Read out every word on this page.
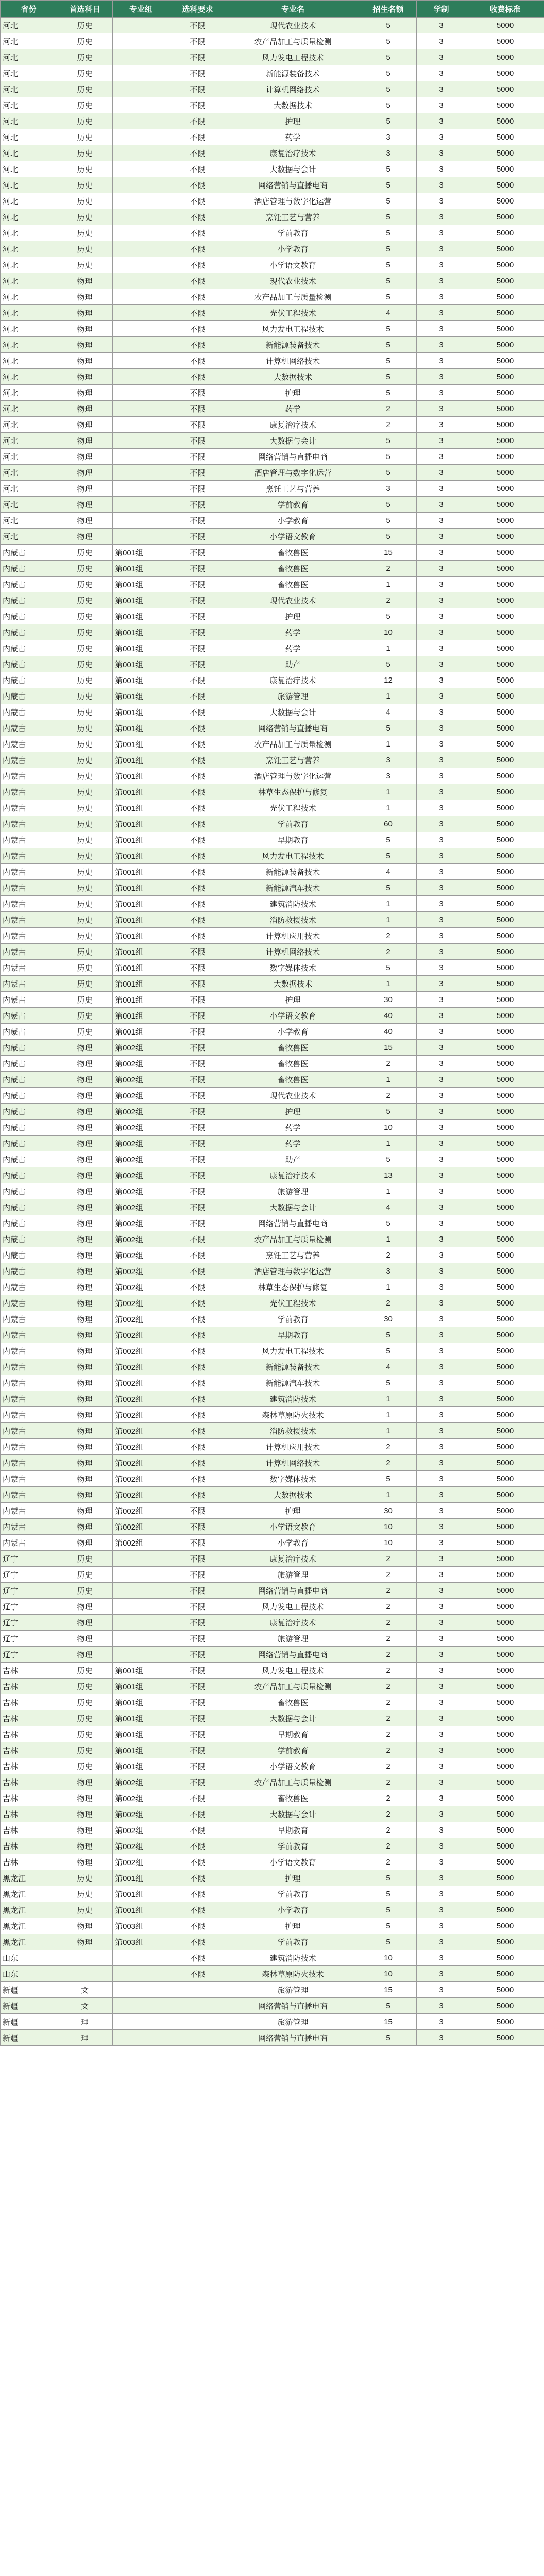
省份	首选科目	专业组	选科要求	专业名	招生名额	学制	收费标准
河北	历史		不限	现代农业技术	5	3	5000
河北	历史		不限	农产品加工与质量检测	5	3	5000
河北	历史		不限	风力发电工程技术	5	3	5000
河北	历史		不限	新能源装备技术	5	3	5000
河北	历史		不限	计算机网络技术	5	3	5000
河北	历史		不限	大数据技术	5	3	5000
河北	历史		不限	护理	5	3	5000
河北	历史		不限	药学	3	3	5000
河北	历史		不限	康复治疗技术	3	3	5000
河北	历史		不限	大数据与会计	5	3	5000
河北	历史		不限	网络营销与直播电商	5	3	5000
河北	历史		不限	酒店管理与数字化运营	5	3	5000
河北	历史		不限	烹饪工艺与营养	5	3	5000
河北	历史		不限	学前教育	5	3	5000
河北	历史		不限	小学教育	5	3	5000
河北	历史		不限	小学语文教育	5	3	5000
河北	物理		不限	现代农业技术	5	3	5000
河北	物理		不限	农产品加工与质量检测	5	3	5000
河北	物理		不限	光伏工程技术	4	3	5000
河北	物理		不限	风力发电工程技术	5	3	5000
河北	物理		不限	新能源装备技术	5	3	5000
河北	物理		不限	计算机网络技术	5	3	5000
河北	物理		不限	大数据技术	5	3	5000
河北	物理		不限	护理	5	3	5000
河北	物理		不限	药学	2	3	5000
河北	物理		不限	康复治疗技术	2	3	5000
河北	物理		不限	大数据与会计	5	3	5000
河北	物理		不限	网络营销与直播电商	5	3	5000
河北	物理		不限	酒店管理与数字化运营	5	3	5000
河北	物理		不限	烹饪工艺与营养	3	3	5000
河北	物理		不限	学前教育	5	3	5000
河北	物理		不限	小学教育	5	3	5000
河北	物理		不限	小学语文教育	5	3	5000
内蒙古	历史	第001组	不限	畜牧兽医	15	3	5000
内蒙古	历史	第001组	不限	畜牧兽医	2	3	5000
内蒙古	历史	第001组	不限	畜牧兽医	1	3	5000
内蒙古	历史	第001组	不限	现代农业技术	2	3	5000
内蒙古	历史	第001组	不限	护理	5	3	5000
内蒙古	历史	第001组	不限	药学	10	3	5000
内蒙古	历史	第001组	不限	药学	1	3	5000
内蒙古	历史	第001组	不限	助产	5	3	5000
内蒙古	历史	第001组	不限	康复治疗技术	12	3	5000
内蒙古	历史	第001组	不限	旅游管理	1	3	5000
内蒙古	历史	第001组	不限	大数据与会计	4	3	5000
内蒙古	历史	第001组	不限	网络营销与直播电商	5	3	5000
内蒙古	历史	第001组	不限	农产品加工与质量检测	1	3	5000
内蒙古	历史	第001组	不限	烹饪工艺与营养	3	3	5000
内蒙古	历史	第001组	不限	酒店管理与数字化运营	3	3	5000
内蒙古	历史	第001组	不限	林草生态保护与修复	1	3	5000
内蒙古	历史	第001组	不限	光伏工程技术	1	3	5000
内蒙古	历史	第001组	不限	学前教育	60	3	5000
内蒙古	历史	第001组	不限	早期教育	5	3	5000
内蒙古	历史	第001组	不限	风力发电工程技术	5	3	5000
内蒙古	历史	第001组	不限	新能源装备技术	4	3	5000
内蒙古	历史	第001组	不限	新能源汽车技术	5	3	5000
内蒙古	历史	第001组	不限	建筑消防技术	1	3	5000
内蒙古	历史	第001组	不限	消防救援技术	1	3	5000
内蒙古	历史	第001组	不限	计算机应用技术	2	3	5000
内蒙古	历史	第001组	不限	计算机网络技术	2	3	5000
内蒙古	历史	第001组	不限	数字媒体技术	5	3	5000
内蒙古	历史	第001组	不限	大数据技术	1	3	5000
内蒙古	历史	第001组	不限	护理	30	3	5000
内蒙古	历史	第001组	不限	小学语文教育	40	3	5000
内蒙古	历史	第001组	不限	小学教育	40	3	5000
内蒙古	物理	第002组	不限	畜牧兽医	15	3	5000
内蒙古	物理	第002组	不限	畜牧兽医	2	3	5000
内蒙古	物理	第002组	不限	畜牧兽医	1	3	5000
内蒙古	物理	第002组	不限	现代农业技术	2	3	5000
内蒙古	物理	第002组	不限	护理	5	3	5000
内蒙古	物理	第002组	不限	药学	10	3	5000
内蒙古	物理	第002组	不限	药学	1	3	5000
内蒙古	物理	第002组	不限	助产	5	3	5000
内蒙古	物理	第002组	不限	康复治疗技术	13	3	5000
内蒙古	物理	第002组	不限	旅游管理	1	3	5000
内蒙古	物理	第002组	不限	大数据与会计	4	3	5000
内蒙古	物理	第002组	不限	网络营销与直播电商	5	3	5000
内蒙古	物理	第002组	不限	农产品加工与质量检测	1	3	5000
内蒙古	物理	第002组	不限	烹饪工艺与营养	2	3	5000
内蒙古	物理	第002组	不限	酒店管理与数字化运营	3	3	5000
内蒙古	物理	第002组	不限	林草生态保护与修复	1	3	5000
内蒙古	物理	第002组	不限	光伏工程技术	2	3	5000
内蒙古	物理	第002组	不限	学前教育	30	3	5000
内蒙古	物理	第002组	不限	早期教育	5	3	5000
内蒙古	物理	第002组	不限	风力发电工程技术	5	3	5000
内蒙古	物理	第002组	不限	新能源装备技术	4	3	5000
内蒙古	物理	第002组	不限	新能源汽车技术	5	3	5000
内蒙古	物理	第002组	不限	建筑消防技术	1	3	5000
内蒙古	物理	第002组	不限	森林草原防火技术	1	3	5000
内蒙古	物理	第002组	不限	消防救援技术	1	3	5000
内蒙古	物理	第002组	不限	计算机应用技术	2	3	5000
内蒙古	物理	第002组	不限	计算机网络技术	2	3	5000
内蒙古	物理	第002组	不限	数字媒体技术	5	3	5000
内蒙古	物理	第002组	不限	大数据技术	1	3	5000
内蒙古	物理	第002组	不限	护理	30	3	5000
内蒙古	物理	第002组	不限	小学语文教育	10	3	5000
内蒙古	物理	第002组	不限	小学教育	10	3	5000
辽宁	历史		不限	康复治疗技术	2	3	5000
辽宁	历史		不限	旅游管理	2	3	5000
辽宁	历史		不限	网络营销与直播电商	2	3	5000
辽宁	物理		不限	风力发电工程技术	2	3	5000
辽宁	物理		不限	康复治疗技术	2	3	5000
辽宁	物理		不限	旅游管理	2	3	5000
辽宁	物理		不限	网络营销与直播电商	2	3	5000
吉林	历史	第001组	不限	风力发电工程技术	2	3	5000
吉林	历史	第001组	不限	农产品加工与质量检测	2	3	5000
吉林	历史	第001组	不限	畜牧兽医	2	3	5000
吉林	历史	第001组	不限	大数据与会计	2	3	5000
吉林	历史	第001组	不限	早期教育	2	3	5000
吉林	历史	第001组	不限	学前教育	2	3	5000
吉林	历史	第001组	不限	小学语文教育	2	3	5000
吉林	物理	第002组	不限	农产品加工与质量检测	2	3	5000
吉林	物理	第002组	不限	畜牧兽医	2	3	5000
吉林	物理	第002组	不限	大数据与会计	2	3	5000
吉林	物理	第002组	不限	早期教育	2	3	5000
吉林	物理	第002组	不限	学前教育	2	3	5000
吉林	物理	第002组	不限	小学语文教育	2	3	5000
黑龙江	历史	第001组	不限	护理	5	3	5000
黑龙江	历史	第001组	不限	学前教育	5	3	5000
黑龙江	历史	第001组	不限	小学教育	5	3	5000
黑龙江	物理	第003组	不限	护理	5	3	5000
黑龙江	物理	第003组	不限	学前教育	5	3	5000
山东			不限	建筑消防技术	10	3	5000
山东			不限	森林草原防火技术	10	3	5000
新疆	文			旅游管理	15	3	5000
新疆	文			网络营销与直播电商	5	3	5000
新疆	理			旅游管理	15	3	5000
新疆	理			网络营销与直播电商	5	3	5000
